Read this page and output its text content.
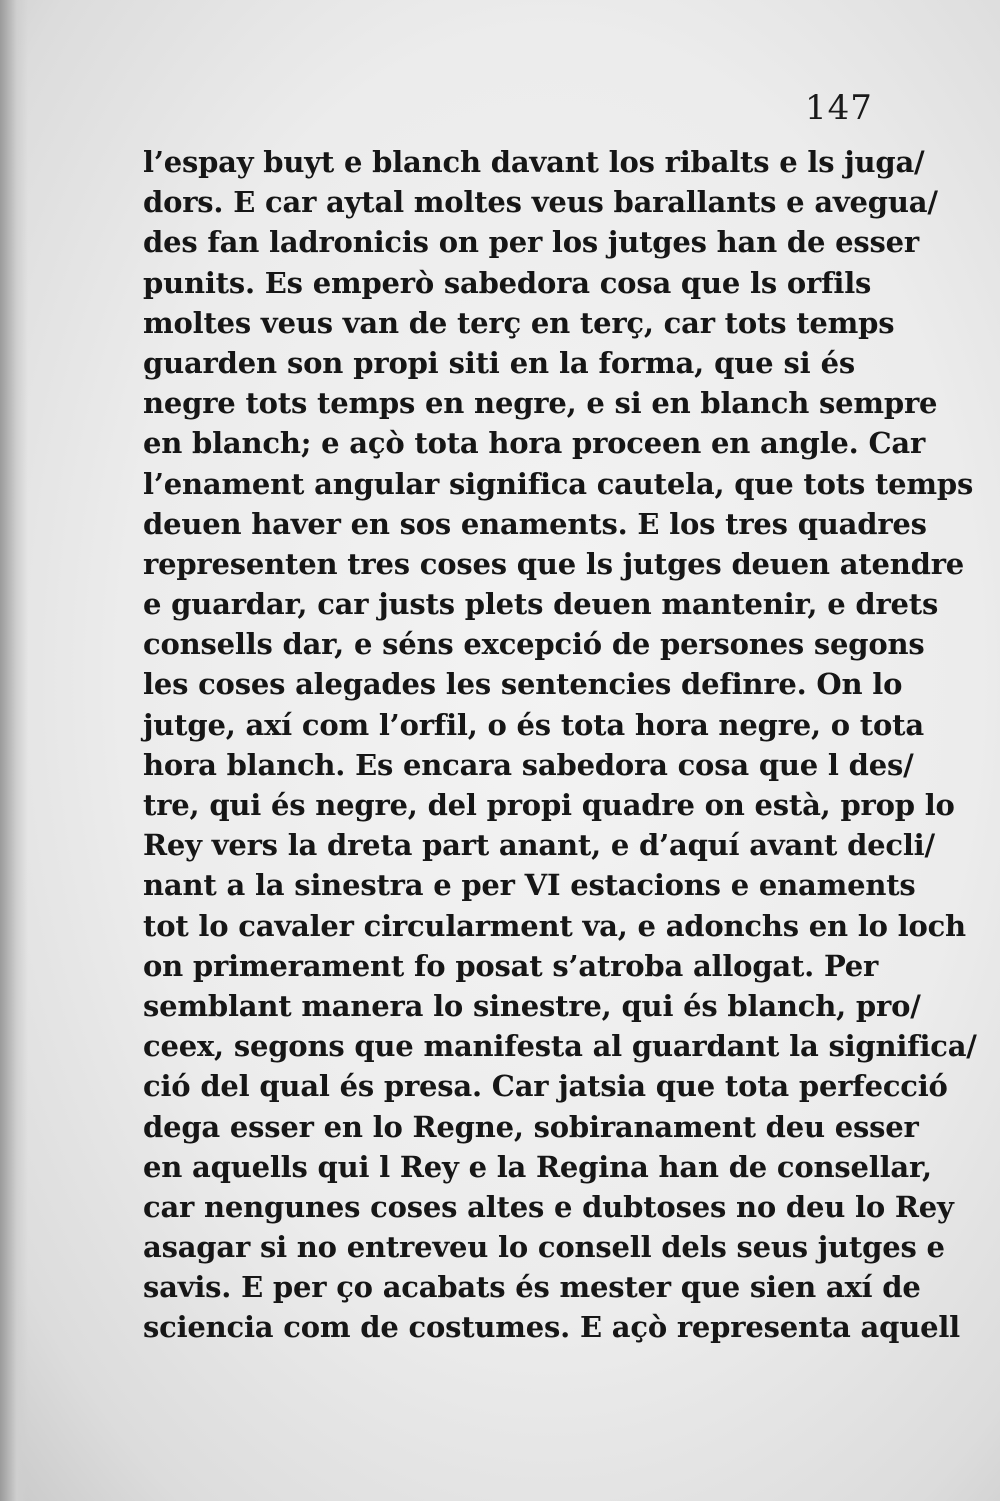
147
l’espay buyt e blanch davant los ribalts e ls juga/
dors. E car aytal moltes veus barallants e avegua/
des fan ladronicis on per los jutges han de esser
punits. Es emperò sabedora cosa que ls orfils
moltes veus van de terç en terç, car tots temps
guarden son propi siti en la forma, que si és
negre tots temps en negre, e si en blanch sempre
en blanch; e açò tota hora proceen en angle. Car
l’enament angular significa cautela, que tots temps
deuen haver en sos enaments. E los tres quadres
representen tres coses que ls jutges deuen atendre
e guardar, car justs plets deuen mantenir, e drets
consells dar, e séns excepció de persones segons
les coses alegades les sentencies definre. On lo
jutge, axí com l’orfil, o és tota hora negre, o tota
hora blanch. Es encara sabedora cosa que l des/
tre, qui és negre, del propi quadre on està, prop lo
Rey vers la dreta part anant, e d’aquí avant decli/
nant a la sinestra e per VI estacions e enaments
tot lo cavaler circularment va, e adonchs en lo loch
on primerament fo posat s’atroba allogat. Per
semblant manera lo sinestre, qui és blanch, pro/
ceex, segons que manifesta al guardant la significa/
ció del qual és presa. Car jatsia que tota perfecció
dega esser en lo Regne, sobiranament deu esser
en aquells qui l Rey e la Regina han de consellar,
car nengunes coses altes e dubtoses no deu lo Rey
asagar si no entreveu lo consell dels seus jutges e
savis. E per ço acabats és mester que sien axí de
sciencia com de costumes. E açò representa aquell
